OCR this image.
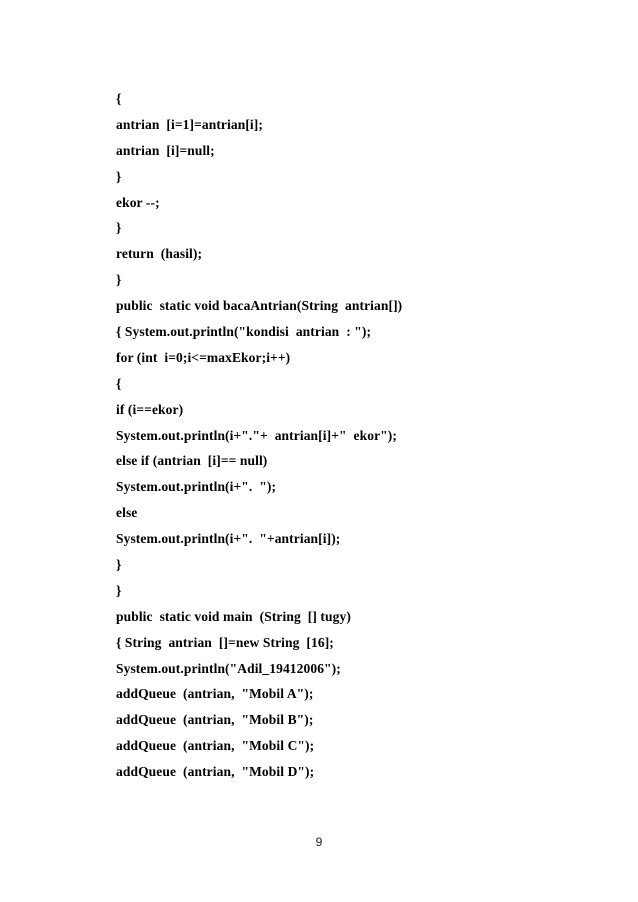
{
antrian  [i=1]=antrian[i];
antrian  [i]=null;
}
ekor --;
}
return  (hasil);
}
public  static void bacaAntrian(String  antrian[])
{ System.out.println("kondisi  antrian  : ");
for (int  i=0;i<=maxEkor;i++)
{
if (i==ekor)
System.out.println(i+"."+  antrian[i]+"  ekor");
else if (antrian  [i]== null)
System.out.println(i+".  ");
else
System.out.println(i+".  "+antrian[i]);
}
}
public  static void main  (String  [] tugy)
{ String  antrian  []=new String  [16];
System.out.println("Adil_19412006");
addQueue  (antrian,  "Mobil A");
addQueue  (antrian,  "Mobil B");
addQueue  (antrian,  "Mobil C");
addQueue  (antrian,  "Mobil D");
9
